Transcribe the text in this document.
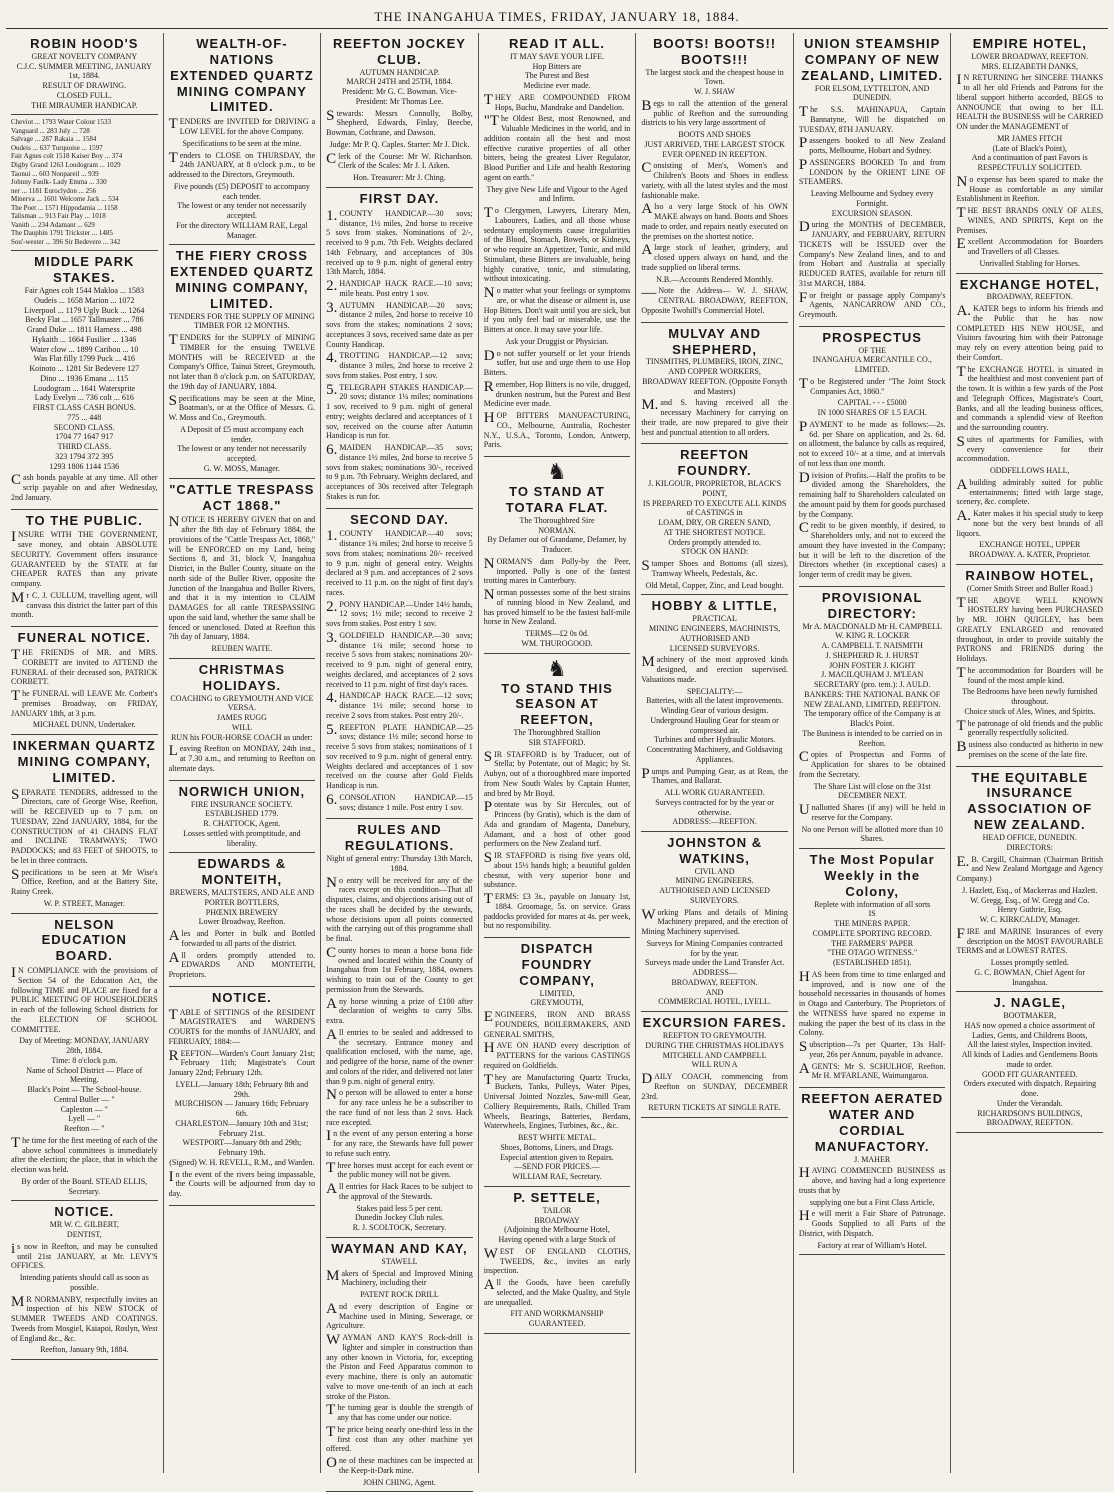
THE INANGAHUA TIMES, FRIDAY, JANUARY 18, 1884.
ROBIN HOOD'S
GREAT NOVELTY COMPANY
C.J.C. SUMMER MEETING, JANUARY 1st, 1884.
RESULT OF DRAWING.
CLOSED FULL.
THE MIRAUMER HANDICAP.
Cheviot ... 1793 Water Colour 1533
Vanguard ... 283 July ... 728
Salvage ... 287 Rakaia ... 1584
Oudeis ... 637 Turquoise ... 1597
Fair Agnes colt 1518 Kaiser Boy ... 374
Digby Grand 1263 Loudogram ... 1029
Taonui ... 603 Nonpareil ... 939
Johnny Faulk- Lady Emma ... 330
ner ... 1181 Euroclydon ... 256
Minerva ... 1601 Welcome Jack ... 534
The Poet ... 1571 Hippodamia ... 1158
Talisman ... 913 Fair Play ... 1018
Vanith ... 234 Adamant ... 629
The Dauphin 1791 Trickster ... 1485
Sou'-wester ... 396 Sir Bedevere ... 342
MIDDLE PARK STAKES.
Fair Agnes colt 1544 Makloa ... 1583
Oudeis ... 1658 Marion ... 1072
Liverpool ... 1179 Ugly Buck ... 1264
Becky Flat ... 1657 Tallmaster ... 786
Grand Duke ... 1811 Harness ... 498
Hykaith ... 1664 Fusilier ... 1346
Water clow ... 1899 Caribou ... 10
Was Flat filly 1799 Puck ... 416
Koinoto ... 1281 Sir Bedevere 127
Dino ... 1936 Emana ... 115
Loudogram ... 1641 Watersprite
Lady Evelyn ... 736 colt ... 616
FIRST CLASS CASH BONUS.
775 ... 448
SECOND CLASS.
1704 77 1647 917
THIRD CLASS.
323 1794 372 395
1293 1806 1144 1536
Cash bonds payable at any time. All other scrip payable on and after Wednesday, 2nd January.
TO THE PUBLIC.
INSURE WITH THE GOVERNMENT, save money, and obtain ABSOLUTE SECURITY. Government offers insurance GUARANTEED by the STATE at far CHEAPER RATES than any private company.
Mr C. J. CULLUM, travelling agent, will canvass this district the latter part of this month.
FUNERAL NOTICE.
THE FRIENDS of MR. and MRS. CORBETT are invited to ATTEND the FUNERAL of their deceased son, PATRICK CORBETT.
The FUNERAL will LEAVE Mr. Corbett's premises Broadway, on FRIDAY, JANUARY 18th, at 3 p.m.
MICHAEL DUNN, Undertaker.
INKERMAN QUARTZ MINING COMPANY, LIMITED.
SEPARATE TENDERS, addressed to the Directors, care of George Wise, Reefton, will be RECEIVED up to 7 p.m. on TUESDAY, 22nd JANUARY, 1884, for the CONSTRUCTION of 41 CHAINS FLAT and INCLINE TRAMWAYS; TWO PADDOCKS; and 83 FEET of SHOOTS, to be let in three contracts.
Specifications to be seen at Mr Wise's Office, Reefton, and at the Battery Site, Rainy Creek.
W. P. STREET, Manager.
NELSON EDUCATION BOARD.
IN COMPLIANCE with the provisions of Section 54 of the Education Act, the following TIME and PLACE are fixed for a PUBLIC MEETING OF HOUSEHOLDERS in each of the following School districts for the ELECTION OF SCHOOL COMMITTEE.
Day of Meeting: MONDAY, JANUARY 28th, 1884.
Time: 8 o'clock p.m.
Name of School District — Place of Meeting.
Black's Point — The School-house.
Central Buller — "
Capleston — "
Lyell — "
Reefton — "
The time for the first meeting of each of the above school committees is immediately after the election; the place, that in which the election was held.
By order of the Board. STEAD ELLIS, Secretary.
NOTICE.
MR W. C. GILBERT,
DENTIST,
is now in Reefton, and may be consulted until 21st JANUARY, at Mr. LEVY'S OFFICES.
Intending patients should call as soon as possible.
MR NORMANBY, respectfully invites an inspection of his NEW STOCK of SUMMER TWEEDS AND COATINGS. Tweeds from Mosgiel, Kaiapoi, Roslyn, West of England &c., &c.
Reefton, January 9th, 1884.
WEALTH-OF-NATIONS EXTENDED QUARTZ MINING COMPANY LIMITED.
TENDERS are INVITED for DRIVING a LOW LEVEL for the above Company.
Specifications to be seen at the mine.
Tenders to CLOSE on THURSDAY, the 24th JANUARY, at 8 o'clock p.m., to be addressed to the Directors, Greymouth.
Five pounds (£5) DEPOSIT to accompany each tender.
The lowest or any tender not necessarily accepted.
For the directory WILLIAM RAE, Legal Manager.
THE FIERY CROSS EXTENDED QUARTZ MINING COMPANY, LIMITED.
TENDERS FOR THE SUPPLY OF MINING TIMBER FOR 12 MONTHS.
TENDERS for the SUPPLY of MINING TIMBER for the ensuing TWELVE MONTHS will be RECEIVED at the Company's Office, Tainui Street, Greymouth, not later than 8 o'clock p.m. on SATURDAY, the 19th day of JANUARY, 1884.
Specifications may be seen at the Mine, Boatman's, or at the Office of Messrs. G. W. Moss and Co., Greymouth.
A Deposit of £5 must accompany each tender.
The lowest or any tender not necessarily accepted.
G. W. MOSS, Manager.
"CATTLE TRESPASS ACT 1868."
NOTICE IS HEREBY GIVEN that on and after the 8th day of February 1884, the provisions of the "Cattle Trespass Act, 1868," will be ENFORCED on my Land, being Sections 8, and 31, block V, Inangahua District, in the Buller County, situate on the north side of the Buller River, opposite the Junction of the Inangahua and Buller Rivers, and that it is my intention to CLAIM DAMAGES for all cattle TRESPASSING upon the said land, whether the same shall be fenced or unenclosed. Dated at Reefton this 7th day of January, 1884.
REUBEN WAITE.
CHRISTMAS HOLIDAYS.
COACHING to GREYMOUTH AND VICE VERSA.
JAMES RUGG
WILL
RUN his FOUR-HORSE COACH as under:
Leaving Reefton on MONDAY, 24th inst., at 7.30 a.m., and returning to Reefton on alternate days.
NORWICH UNION,
FIRE INSURANCE SOCIETY.
ESTABLISHED 1779.
R. CHATTOCK, Agent.
Losses settled with promptitude, and liberality.
EDWARDS & MONTEITH,
BREWERS, MALTSTERS, AND ALE AND PORTER BOTTLERS,
PHŒNIX BREWERY
Lower Broadway, Reefton.
Ales and Porter in bulk and Bottled forwarded to all parts of the district.
All orders promptly attended to. EDWARDS AND MONTEITH, Proprietors.
NOTICE.
TABLE of SITTINGS of the RESIDENT MAGISTRATE'S and WARDEN'S COURTS for the months of JANUARY, and FEBRUARY, 1884:—
REEFTON—Warden's Court January 21st; February 11th; Magistrate's Court January 22nd; February 12th.
LYELL—January 18th; February 8th and 29th.
MURCHISON — January 16th; February 6th.
CHARLESTON—January 10th and 31st; February 21st.
WESTPORT—January 8th and 29th; February 19th.
(Signed) W. H. REVELL, R.M., and Warden.
In the event of the rivers being impassable, the Courts will be adjourned from day to day.
REEFTON JOCKEY CLUB.
AUTUMN HANDICAP.
MARCH 24TH and 25TH, 1884.
President: Mr G. C. Bowman. Vice-President: Mr Thomas Lee.
Stewards: Messrs Connolly, Bolby, Shepherd, Edwards, Finlay, Beecbe, Bowman, Cochrane, and Dawson.
Judge: Mr P. Q. Caples. Starter: Mr J. Dick.
Clerk of the Course: Mr W. Richardson. Clerk of the Scales: Mr J. I. Aiken.
Hon. Treasurer: Mr J. Ching.
FIRST DAY.
1.COUNTY HANDICAP.—30 sovs; distance, 1½ miles, 2nd horse to receive 5 sovs from stakes. Nominations of 2/-, received to 9 p.m. 7th Feb. Weights declared 14th February, and acceptances of 30s received up to 9 p.m. night of general entry 13th March, 1884.
2.HANDICAP HACK RACE.—10 sovs; mile heats. Post entry 1 sov.
3.AUTUMN HANDICAP.—20 sovs; distance 2 miles, 2nd horse to receive 10 sovs from the stakes; nominations 2 sovs; acceptances 3 sovs, received same date as per County Handicap.
4.TROTTING HANDICAP.—12 sovs; distance 3 miles, 2nd horse to receive 2 sovs from stakes. Post entry, 1 sov.
5.TELEGRAPH STAKES HANDICAP.—20 sovs; distance 1¼ miles; nominations 1 sov, received to 9 p.m. night of general entry; weights declared and acceptances of 1 sov, received on the course after Autumn Handicap is run for.
6.MAIDEN HANDICAP.—35 sovs; distance 1½ miles, 2nd horse to receive 5 sovs from stakes; nominations 30/-, received to 9 p.m. 7th February. Weights declared, and acceptances of 30s received after Telegraph Stakes is run for.
SECOND DAY.
1.COUNTY HANDICAP.—40 sovs; distance 1¾ miles; 2nd horse to receive 5 sovs from stakes; nominations 20/- received to 9 p.m. night of general entry. Weights declared at 9 p.m. and acceptances of 2 sovs received to 11 p.m. on the night of first day's races.
2.PONY HANDICAP.—Under 14½ hands, 12 sovs; 1½ mile; second to receive 2 sovs from stakes. Post entry 1 sov.
3.GOLDFIELD HANDICAP.—30 sovs; distance 1¾ mile; second horse to receive 5 sovs from stakes; nominations 20/- received to 9 p.m. night of general entry, weights declared, and acceptances of 2 sovs received to 11 p.m. night of first day's races.
4.HANDICAP HACK RACE.—12 sovs; distance 1½ mile; second horse to receive 2 sovs from stakes. Post entry 20/-.
5.REEFTON PLATE HANDICAP.—25 sovs; distance 1½ mile; second horse to receive 5 sovs from stakes; nominations of 1 sov received to 9 p.m. night of general entry. Weights declared and acceptances of 1 sov received on the course after Gold Fields Handicap is run.
6.CONSOLATION HANDICAP.—15 sovs; distance 1 mile. Post entry 1 sov.
RULES AND REGULATIONS.
Night of general entry: Thursday 13th March, 1884.
No entry will be received for any of the races except on this condition—That all disputes, claims, and objections arising out of the races shall be decided by the stewards, whose decisions upon all points connected with the carrying out of this programme shall be final.
County horses to mean a horse bona fide owned and located within the County of Inangahua from 1st February, 1884, owners wishing to train out of the County to get permission from the Stewards.
Any horse winning a prize of £100 after declaration of weights to carry 5lbs. extra.
All entries to be sealed and addressed to the secretary. Entrance money and qualification enclosed, with the name, age, and pedigree of the horse, name of the owner and colors of the rider, and delivered not later than 9 p.m. night of general entry.
No person will be allowed to enter a horse for any race unless he be a subscriber to the race fund of not less than 2 sovs. Hack race excepted.
In the event of any person entering a horse for any race, the Stewards have full power to refuse such entry.
Three horses must accept for each event or the public money will not be given.
All entries for Hack Races to be subject to the approval of the Stewards.
Stakes paid less 5 per cent.
Dunedin Jockey Club rules.
R. J. SCOLTOCK, Secretary.
WAYMAN AND KAY,
STAWELL
Makers of Special and Improved Mining Machinery, including their
PATENT ROCK DRILL
And every description of Engine or Machine used in Mining, Sewerage, or Agriculture.
WAYMAN AND KAY'S Rock-drill is lighter and simpler in construction than any other known in Victoria, for, excepting the Piston and Feed Apparatus common to every machine, there is only an automatic valve to move one-tenth of an inch at each stroke of the Piston.
The turning gear is double the strength of any that has come under our notice.
The price being nearly one-third less in the first cost than any other machine yet offered.
One of these machines can be inspected at the Keep-it-Dark mine.
JOHN CHING, Agent.
READ IT ALL.
IT MAY SAVE YOUR LIFE.
Hop Bitters are
The Purest and Best
Medicine ever made.
THEY ARE COMPOUNDED FROM Hops, Buchu, Mandrake and Dandelion.
"The Oldest Best, most Renowned, and Valuable Medicines in the world, and in addition contain all the best and most effective curative properties of all other bitters, being the greatest Liver Regulator, Blood Purifier and Life and health Restoring agent on earth."
They give New Life and Vigour to the Aged and Infirm.
To Clergymen, Lawyers, Literary Men, Labourers, Ladies, and all those whose sedentary employments cause irregularities of the Blood, Stomach, Bowels, or Kidneys, or who require an Appetizer, Tonic, and mild Stimulant, these Bitters are invaluable, being highly curative, tonic, and stimulating, without intoxicating.
No matter what your feelings or symptoms are, or what the disease or ailment is, use Hop Bitters. Don't wait until you are sick, but if you only feel bad or miserable, use the Bitters at once. It may save your life.
Ask your Druggist or Physician.
Do not suffer yourself or let your friends suffer, but use and urge them to use Hop Bitters.
Remember, Hop Bitters is no vile, drugged, drunken nostrum, but the Purest and Best Medicine ever made.
HOP BITTERS MANUFACTURING, CO., Melbourne, Australia, Rochester N.Y., U.S.A., Toronto, London, Antwerp, Paris.
♞
TO STAND AT TOTARA FLAT.
The Thoroughbred Sire
NORMAN.
By Defamer out of Grandame, Defamer, by Traducer.
NORMAN'S dam Polly-by the Peer, imported. Polly is one of the fastest trotting mares in Canterbury.
Norman possesses some of the best strains of running blood in New Zealand, and has proved himself to be the fastest half-mile horse in New Zealand.
TERMS—£2 0s 0d.
WM. THUROGOOD.
♞
TO STAND THIS SEASON AT REEFTON,
The Thoroughbred Stallion
SIR STAFFORD.
SIR STAFFORD is by Traducer, out of Stella; by Potentate, out of Magic; by St. Aubyn, out of a thoroughbred mare imported from New South Wales by Captain Hunter, and bred by Mr Boyd.
Potentate was by Sir Hercules, out of Princess (by Gratis), which is the dam of Ada and grandam of Magenta, Danebury, Adamant, and a host of other good performers on the New Zealand turf.
SIR STAFFORD is rising five years old, about 15½ hands high; a beautiful golden chesnut, with very superior bone and substance.
TERMS: £3 3s., payable on January 1st, 1884. Groomage, 5s. on service. Grass paddocks provided for mares at 4s. per week, but no responsibility.
DISPATCH FOUNDRY COMPANY,
LIMITED,
GREYMOUTH,
ENGINEERS, IRON AND BRASS FOUNDERS, BOILERMAKERS, AND GENERAL SMITHS,
HAVE ON HAND every description of PATTERNS for the various CASTINGS required on Goldfields.
They are Manufacturing Quartz Trucks, Buckets, Tanks, Pulleys, Water Pipes, Universal Jointed Nozzles, Saw-mill Gear, Colliery Requirements, Rails, Chilled Tram Wheels, Bearings, Batteries, Berdans, Waterwheels, Engines, Turbines, &c., &c.
BEST WHITE METAL.
Shoes, Bottoms, Liners, and Drags.
Especial attention given to Repairs.
—SEND FOR PRICES.—
WILLIAM RAE, Secretary.
P. SETTELE,
TAILOR
BROADWAY
(Adjoining the Melbourne Hotel,
Having opened with a large Stock of
WEST OF ENGLAND CLOTHS, TWEEDS, &c., invites an early inspection.
All the Goods, have been carefully selected, and the Make Quality, and Style are unequalled.
FIT AND WORKMANSHIP GUARANTEED.
BOOTS! BOOTS!! BOOTS!!!
The largest stock and the cheapest house in Town.
W. J. SHAW
Begs to call the attention of the general public of Reefton and the surrounding districts to his very large assortment of
BOOTS AND SHOES
JUST ARRIVED, THE LARGEST STOCK EVER OPENED IN REEFTON.
Consisting of Men's, Women's and Children's Boots and Shoes in endless variety, with all the latest styles and the most fashionable make.
Also a very large Stock of his OWN MAKE always on hand. Boots and Shoes made to order, and repairs neatly executed on the premises on the shortest notice.
Alarge stock of leather, grindery, and closed uppers always on hand, and the trade supplied on liberal terms.
N.B.—Accounts Rendered Monthly.
—Note the Address— W. J. SHAW, CENTRAL BROADWAY, REEFTON, Opposite Twohill's Commercial Hotel.
MULVAY AND SHEPHERD,
TINSMITHS, PLUMBERS, IRON, ZINC, AND COPPER WORKERS,
BROADWAY REEFTON. (Opposite Forsyth and Masters)
M.and S. having received all the necessary Machinery for carrying on their trade, are now prepared to give their best and punctual attention to all orders.
REEFTON FOUNDRY.
J. KILGOUR, PROPRIETOR, BLACK'S POINT,
IS PREPARED TO EXECUTE ALL KINDS of CASTINGS in
LOAM, DRY, OR GREEN SAND,
AT THE SHORTEST NOTICE.
Orders promptly attended to.
STOCK ON HAND:
Stamper Shoes and Bottoms (all sizes), Tramway Wheels, Pedestals, &c.
Old Metal, Copper, Zinc, and Lead bought.
HOBBY & LITTLE,
PRACTICAL
MINING ENGINEERS, MACHINISTS, AUTHORISED AND
LICENSED SURVEYORS.
Machinery of the most approved kinds designed, and erection supervised. Valuations made.
SPECIALITY:—
Batteries, with all the latest improvements.
Winding Gear of various designs.
Underground Hauling Gear for steam or compressed air.
Turbines and other Hydraulic Motors.
Concentrating Machinery, and Goldsaving Appliances.
Pumps and Pumping Gear, as at Reas, the Thames, and Ballarat.
ALL WORK GUARANTEED.
Surveys contracted for by the year or otherwise.
ADDRESS:—REEFTON.
JOHNSTON & WATKINS,
CIVIL AND
MINING ENGINEERS.
AUTHORISED AND LICENSED SURVEYORS.
Working Plans and details of Mining Machinery prepared, and the erection of Mining Machinery supervised.
Surveys for Mining Companies contracted for by the year.
Surveys made under the Land Transfer Act.
ADDRESS—
BROADWAY, REEFTON.
AND
COMMERCIAL HOTEL, LYELL.
EXCURSION FARES.
REEFTON TO GREYMOUTH.
DURING THE CHRISTMAS HOLIDAYS
MITCHELL AND CAMPBELL
WILL RUN A
DAILY COACH, commencing from Reefton on SUNDAY, DECEMBER 23rd.
RETURN TICKETS AT SINGLE RATE.
UNION STEAMSHIP COMPANY OF NEW ZEALAND, LIMITED.
FOR ELSOM, LYTTELTON, AND DUNEDIN.
The S.S. MAHINAPUA, Captain Bannatyne, Will be dispatched on TUESDAY, 8TH JANUARY.
Passengers booked to all New Zealand ports, Melbourne, Hobart and Sydney.
PASSENGERS BOOKED To and from LONDON by the ORIENT LINE OF STEAMERS.
Leaving Melbourne and Sydney every Fortnight.
EXCURSION SEASON.
During the MONTHS of DECEMBER, JANUARY, and FEBRUARY, RETURN TICKETS will be ISSUED over the Company's New Zealand lines, and to and from Hobart and Australia at specially REDUCED RATES, available for return till 31st MARCH, 1884.
For freight or passage apply Company's Agents, NANCARROW AND CO., Greymouth.
PROSPECTUS
OF THE
INANGAHUA MERCANTILE CO.,
LIMITED.
To be Registered under "The Joint Stock Companies Act, 1860."
CAPITAL - - - £5000
IN 1000 SHARES OF 1.5 EACH.
PAYMENT to be made as follows:—2s. 6d. per Share on application, and 2s. 6d. on allotment, the balance by calls as required, not to exceed 10/- at a time, and at intervals of not less than one month.
Division of Profits.—Half the profits to be divided among the Shareholders, the remaining half to Shareholders calculated on the amount paid by them for goods purchased by the Company.
Credit to be given monthly, if desired, to Shareholders only, and not to exceed the amount they have invested in the Company; but it will be left to the discretion of the Directors whether (in exceptional cases) a longer term of credit may be given.
PROVISIONAL DIRECTORY:
Mr A. MACDONALD Mr H. CAMPBELL
W. KING R. LOCKER
A. CAMPBELL T. NAISMITH
J. SHEPHERD R. J. HURST
JOHN FOSTER J. KIGHT
J. MACILQUHAM J. M'LEAN
SECRETARY (pro. tem.): J. AULD.
BANKERS: THE NATIONAL BANK OF NEW ZEALAND, LIMITED, REEFTON.
The temporary office of the Company is at Black's Point.
The Business is intended to be carried on in Reefton.
Copies of Prospectus and Forms of Application for shares to be obtained from the Secretary.
The Share List will close on the 31st DECEMBER NEXT.
Unallotted Shares (if any) will be held in reserve for the Company.
No one Person will be allotted more than 10 Shares.
The Most Popular Weekly in the Colony,
Replete with information of all sorts
IS
THE MINERS PAPER.
COMPLETE SPORTING RECORD.
THE FARMERS' PAPER
"THE OTAGO WITNESS."
(ESTABLISHED 1851).
HAS been from time to time enlarged and improved, and is now one of the household necessaries in thousands of homes in Otago and Canterbury. The Proprietors of the WITNESS have spared no expense in making the paper the best of its class in the Colony.
Subscription—7s per Quarter, 13s Half-year, 26s per Annum, payable in advance.
AGENTS: Mr S. SCHULHOF, Reefton. Mr H. M'FARLANE, Waimangaroa.
REEFTON AERATED WATER AND CORDIAL MANUFACTORY.
J. MAHER
HAVING COMMENCED BUSINESS as above, and having had a long experience trusts that by
supplying one but a First Class Article,
He will merit a Fair Share of Patronage. Goods Supplied to all Parts of the District, with Dispatch.
Factory at rear of William's Hotel.
EMPIRE HOTEL,
LOWER BROADWAY, REEFTON.
MRS. ELIZABETH DANKS,
IN RETURNING her SINCERE THANKS to all her old Friends and Patrons for the liberal support hitherto accorded, BEGS to ANNOUNCE that owing to her ILL HEALTH the BUSINESS will be CARRIED ON under the MANAGEMENT of
MR JAMES FITCH
(Late of Black's Point),
And a continuation of past Favors is RESPECTFULLY SOLICITED.
No expense has been spared to make the House as comfortable as any similar Establishment in Reefton.
THE BEST BRANDS ONLY OF ALES, WINES, AND SPIRITS, Kept on the Premises.
Excellent Accommodation for Boarders and Travellers of all Classes.
Unrivalled Stabling for Horses.
EXCHANGE HOTEL,
BROADWAY, REEFTON.
A.KATER begs to inform his friends and the Public that he has now COMPLETED HIS NEW HOUSE, and Visitors favouring him with their Patronage may rely on every attention being paid to their Comfort.
The EXCHANGE HOTEL is situated in the healthiest and most convenient part of the town. It is within a few yards of the Post and Telegraph Offices, Magistrate's Court, Banks, and all the leading business offices, and commands a splendid view of Reefton and the surrounding country.
Suites of apartments for Families, with every convenience for their accommodation.
ODDFELLOWS HALL,
Abuilding admirably suited for public entertainments; fitted with large stage, scenery, &c. complete.
A.Kater makes it his special study to keep none but the very best brands of all liquors.
EXCHANGE HOTEL, UPPER BROADWAY. A. KATER, Proprietor.
RAINBOW HOTEL,
(Corner Smith Street and Buller Road.)
THE ABOVE WELL KNOWN HOSTELRY having been PURCHASED by MR. JOHN QUIGLEY, has been GREATLY ENLARGED and renovated throughout, in order to provide suitably the PATRONS and FRIENDS during the Holidays.
The accommodation for Boarders will be found of the most ample kind.
The Bedrooms have been newly furnished throughout.
Choice stock of Ales, Wines, and Spirits.
The patronage of old friends and the public generally respectfully solicited.
Business also conducted as hitherto in new premises on the scene of the late fire.
THE EQUITABLE INSURANCE ASSOCIATION OF NEW ZEALAND.
HEAD OFFICE, DUNEDIN.
DIRECTORS:
E.B. Cargill, Chairman (Chairman British and New Zealand Mortgage and Agency Company.)
J. Hazlett, Esq., of Mackerras and Hazlett.
W. Gregg, Esq., of W. Gregg and Co.
Henry Guthrie, Esq.
W. C. KIRKCALDY, Manager.
FIRE and MARINE Insurances of every description on the MOST FAVOURABLE TERMS and at LOWEST RATES.
Losses promptly settled.
G. C. BOWMAN, Chief Agent for Inangahua.
J. NAGLE,
BOOTMAKER,
HAS now opened a choice assortment of
Ladies, Gents, and Childrens Boots,
All the latest styles, Inspection invited.
All kinds of Ladies and Gentlemens Boots made to order.
GOOD FIT GUARANTEED.
Orders executed with dispatch. Repairing done.
Under the Verandah.
RICHARDSON'S BUILDINGS, BROADWAY, REEFTON.
